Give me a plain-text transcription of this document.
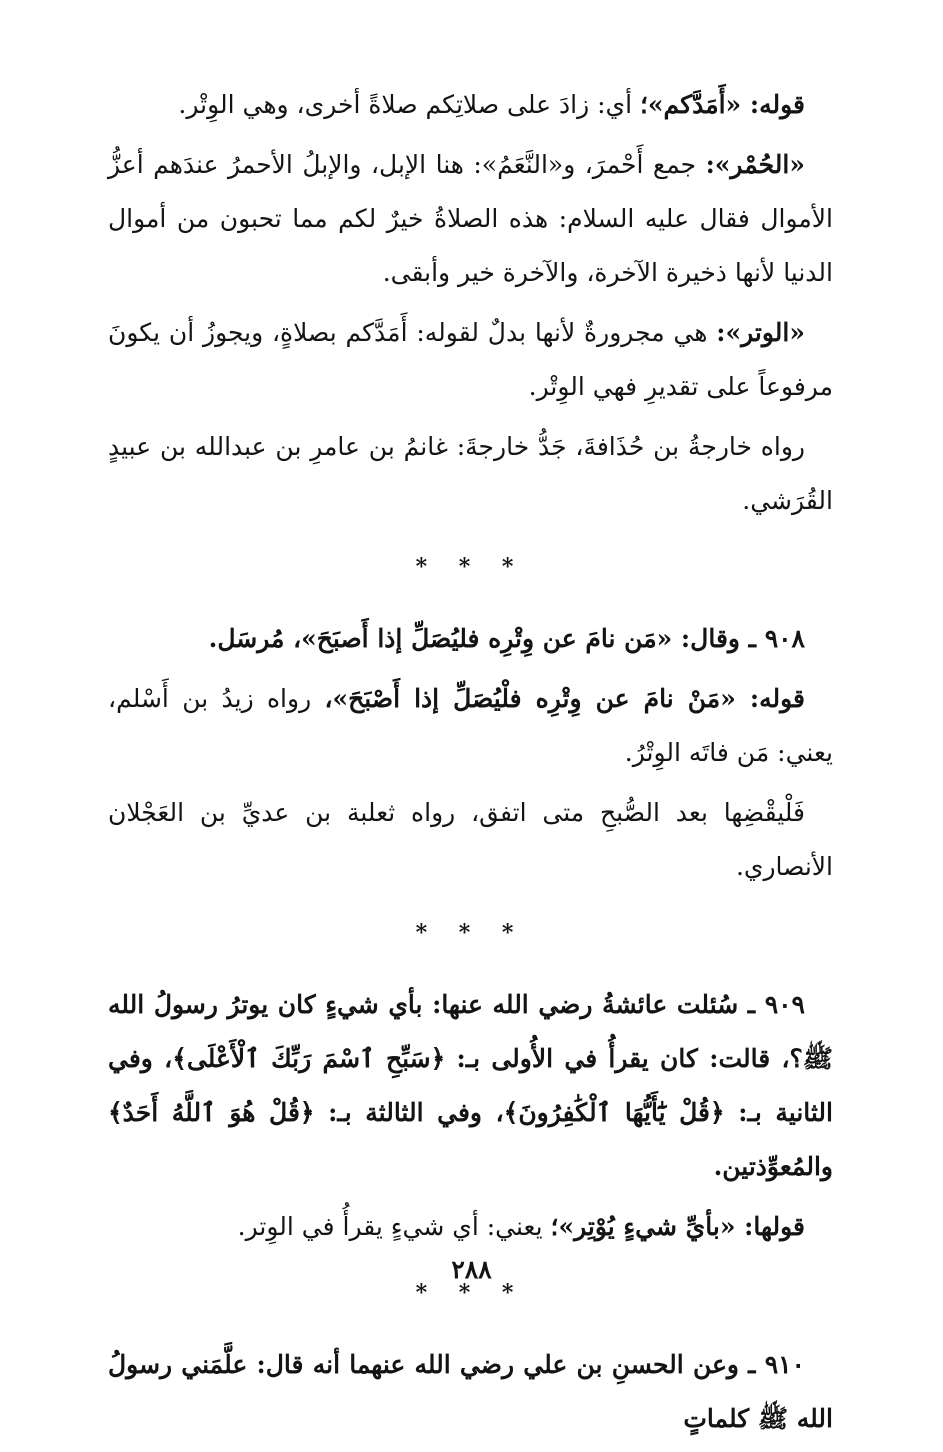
قوله: «أَمَدَّكم»؛ أي: زادَ على صلاتِكم صلاةً أخرى، وهي الوِتْر.

«الحُمْر»: جمع أَحْمرَ، و«النَّعَمُ»: هنا الإبل، والإبلُ الأحمرُ عندَهم أعزُّ الأموال فقال عليه السلام: هذه الصلاةُ خيرٌ لكم مما تحبون من أموال الدنيا لأنها ذخيرة الآخرة، والآخرة خير وأبقى.

«الوتر»: هي مجرورةٌ لأنها بدلٌ لقوله: أَمَدَّكم بصلاةٍ، ويجوزُ أن يكونَ مرفوعاً على تقديرِ فهي الوِتْر.

رواه خارجةُ بن حُذَافةَ، جَدُّ خارجةَ: غانمُ بن عامرِ بن عبدالله بن عبيدٍ القُرَشي.

* * *

٩٠٨ ـ وقال: «مَن نامَ عن وِتْرِه فليُصَلِّ إذا أَصبَحَ»، مُرسَل.

قوله: «مَنْ نامَ عن وِتْرِه فلْيُصَلِّ إذا أَصْبَحَ»، رواه زيدُ بن أَسْلم، يعني: مَن فاتَه الوِتْرُ.

فَلْيقْضِها بعد الصُّبحِ متى اتفق، رواه ثعلبة بن عديِّ بن العَجْلان الأنصاري.

* * *

٩٠٩ ـ سُئلت عائشةُ رضي الله عنها: بأي شيءٍ كان يوترُ رسولُ الله ﷺ؟، قالت: كان يقرأُ في الأُولى بـ: ﴿سَبِّحِ ٱسْمَ رَبِّكَ ٱلْأَعْلَى﴾، وفي الثانية بـ: ﴿قُلْ يَٰٓأَيُّهَا ٱلْكَٰفِرُونَ﴾، وفي الثالثة بـ: ﴿قُلْ هُوَ ٱللَّهُ أَحَدٌ﴾ والمُعوِّذتين.

قولها: «بأيِّ شيءٍ يُوْتِر»؛ يعني: أي شيءٍ يقرأُ في الوِتر.

* * *

٩١٠ ـ وعن الحسنِ بن علي رضي الله عنهما أنه قال: علَّمَني رسولُ الله ﷺ كلماتٍ

٢٨٨
